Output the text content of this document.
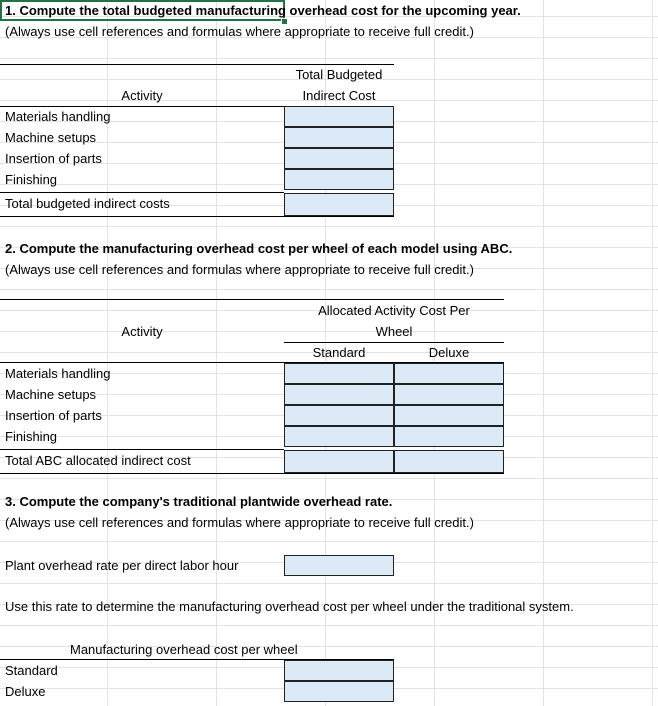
1. Compute the total budgeted manufacturing overhead cost for the upcoming year.
(Always use cell references and formulas where appropriate to receive full credit.)
Total Budgeted
Indirect Cost
Activity
Materials handling
Machine setups
Insertion of parts
Finishing
Total budgeted indirect costs
2. Compute the manufacturing overhead cost per wheel of each model using ABC.
(Always use cell references and formulas where appropriate to receive full credit.)
Allocated Activity Cost Per
Wheel
Activity
Standard	Deluxe
Materials handling
Machine setups
Insertion of parts
Finishing
Total ABC allocated indirect cost
3. Compute the company's traditional plantwide overhead rate.
(Always use cell references and formulas where appropriate to receive full credit.)
Plant overhead rate per direct labor hour
Use this rate to determine the manufacturing overhead cost per wheel under the traditional system.
Manufacturing overhead cost per wheel
Standard
Deluxe
